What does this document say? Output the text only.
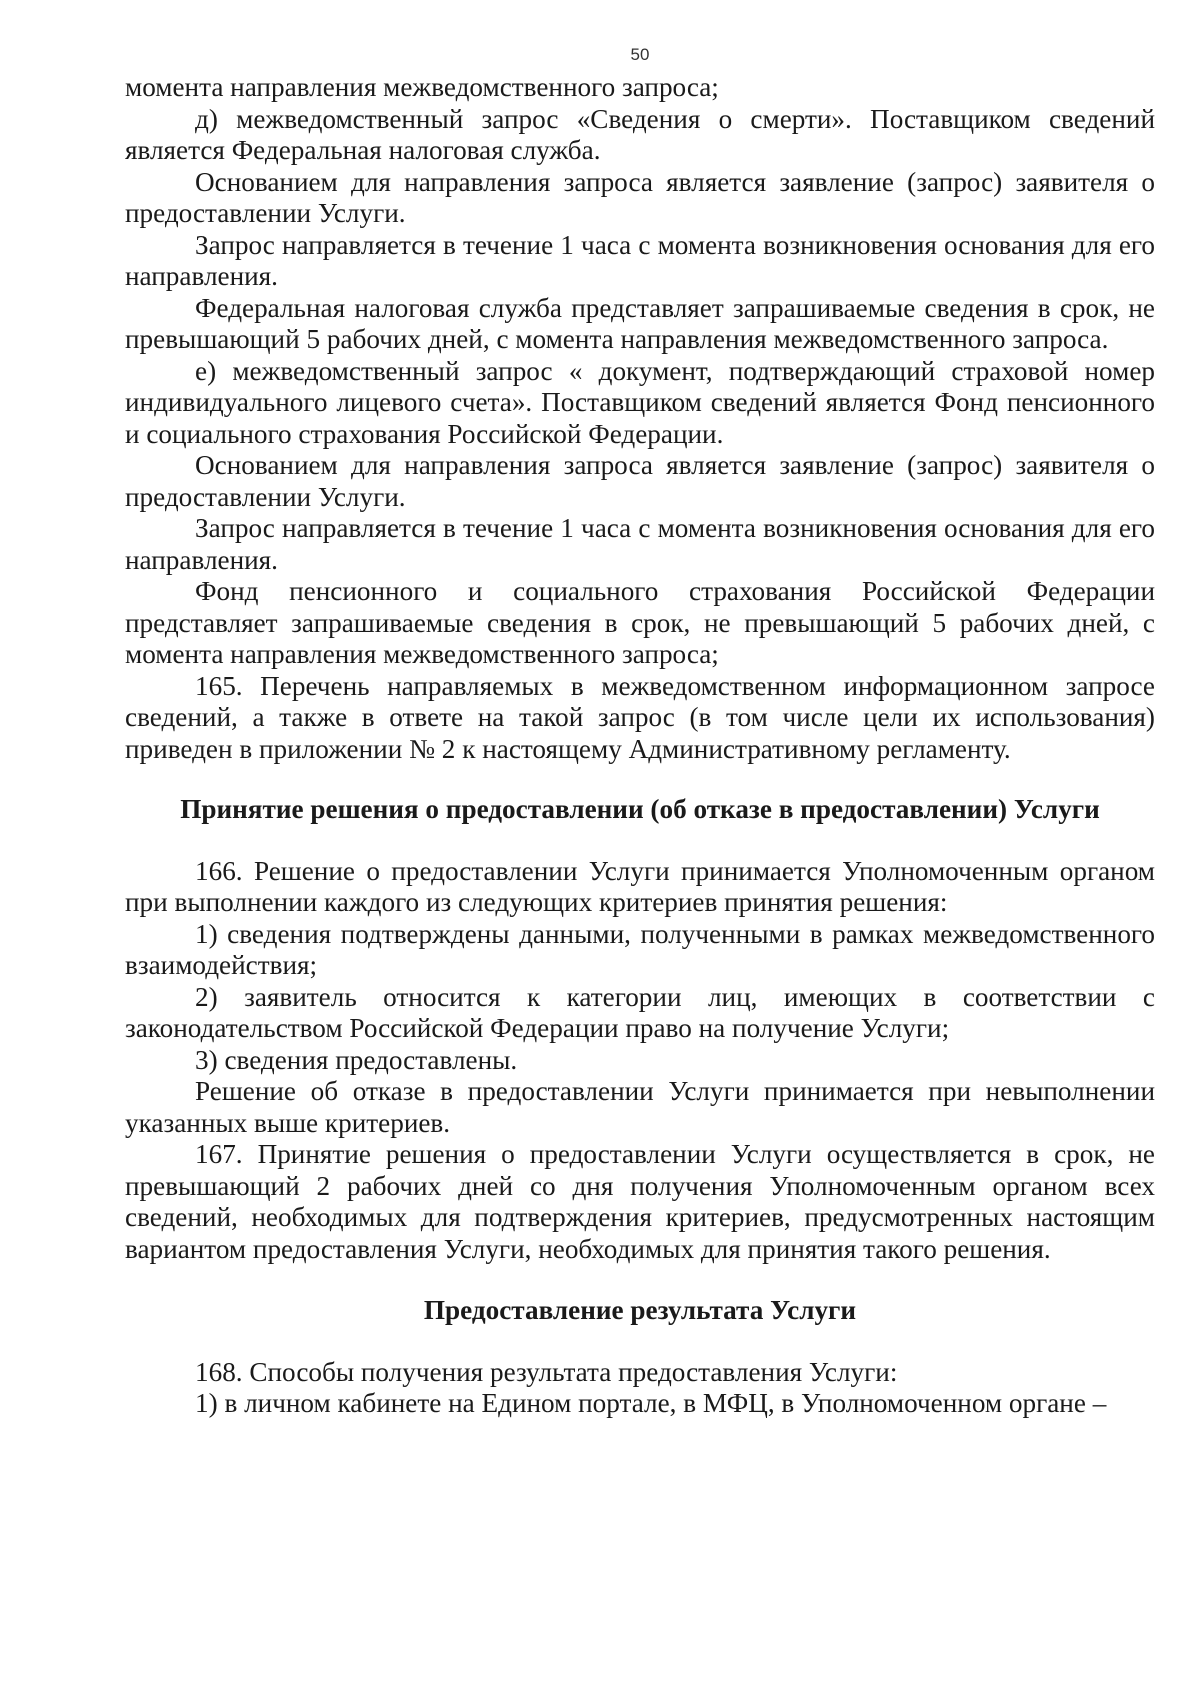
50

момента направления межведомственного запроса;

д) межведомственный запрос «Сведения о смерти». Поставщиком сведений является Федеральная налоговая служба.

Основанием для направления запроса является заявление (запрос) заявителя о предоставлении Услуги.

Запрос направляется в течение 1 часа с момента возникновения основания для его направления.

Федеральная налоговая служба представляет запрашиваемые сведения в срок, не превышающий 5 рабочих дней, с момента направления межведомственного запроса.

е) межведомственный запрос « документ, подтверждающий страховой номер индивидуального лицевого счета». Поставщиком сведений является Фонд пенсионного и социального страхования Российской Федерации.

Основанием для направления запроса является заявление (запрос) заявителя о предоставлении Услуги.

Запрос направляется в течение 1 часа с момента возникновения основания для его направления.

Фонд пенсионного и социального страхования Российской Федерации представляет запрашиваемые сведения в срок, не превышающий 5 рабочих дней, с момента направления межведомственного запроса;

165. Перечень направляемых в межведомственном информационном запросе сведений, а также в ответе на такой запрос (в том числе цели их использования) приведен в приложении № 2 к настоящему Административному регламенту.

Принятие решения о предоставлении (об отказе в предоставлении) Услуги

166. Решение о предоставлении Услуги принимается Уполномоченным органом при выполнении каждого из следующих критериев принятия решения:

1) сведения подтверждены данными, полученными в рамках межведомственного взаимодействия;

2) заявитель относится к категории лиц, имеющих в соответствии с законодательством Российской Федерации право на получение Услуги;

3) сведения предоставлены.

Решение об отказе в предоставлении Услуги принимается при невыполнении указанных выше критериев.

167. Принятие решения о предоставлении Услуги осуществляется в срок, не превышающий 2 рабочих дней со дня получения Уполномоченным органом всех сведений, необходимых для подтверждения критериев, предусмотренных настоящим вариантом предоставления Услуги, необходимых для принятия такого решения.

Предоставление результата Услуги

168. Способы получения результата предоставления Услуги:

1) в личном кабинете на Едином портале, в МФЦ, в Уполномоченном органе –
